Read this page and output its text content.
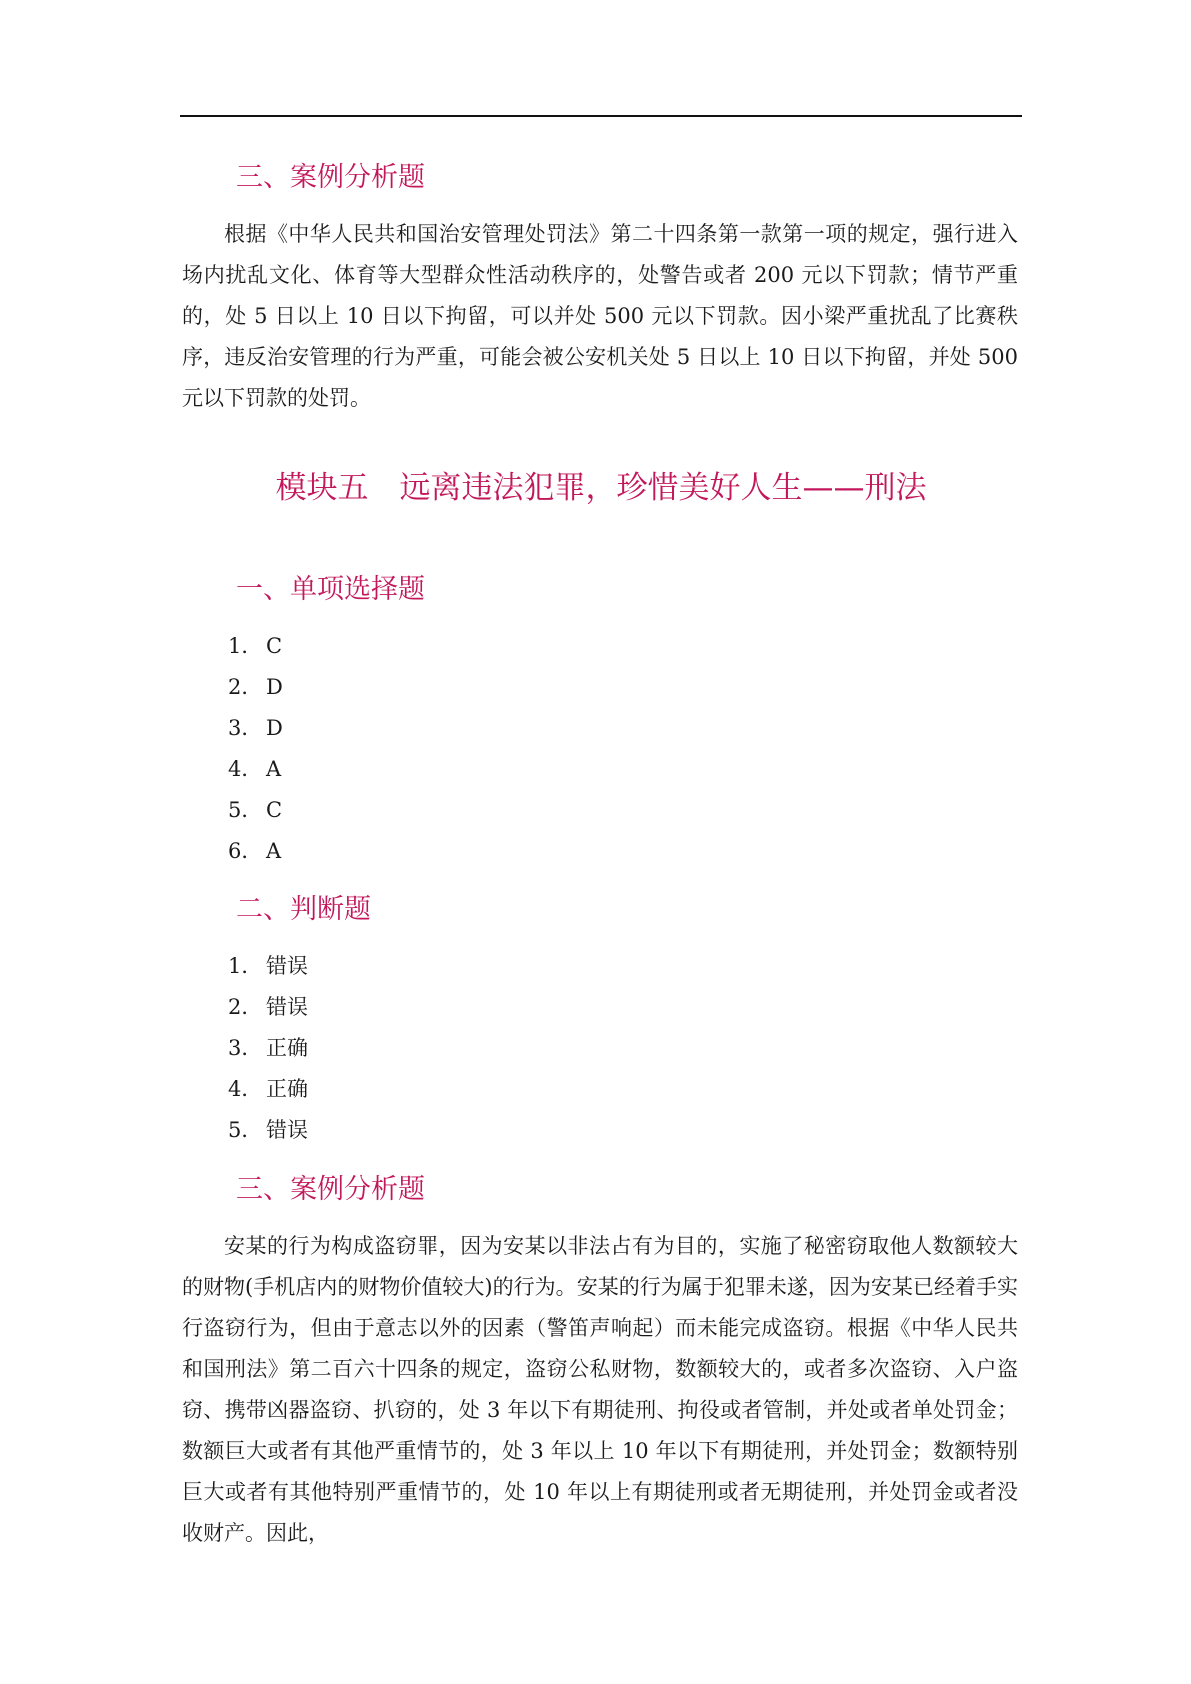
三、案例分析题

根据《中华人民共和国治安管理处罚法》第二十四条第一款第一项的规定，强行进入场内扰乱文化、体育等大型群众性活动秩序的，处警告或者 200 元以下罚款；情节严重的，处 5 日以上 10 日以下拘留，可以并处 500 元以下罚款。因小梁严重扰乱了比赛秩序，违反治安管理的行为严重，可能会被公安机关处 5 日以上 10 日以下拘留，并处 500 元以下罚款的处罚。

模块五　远离违法犯罪，珍惜美好人生——刑法
一、单项选择题
1． C
2． D
3． D
4． A
5． C
6． A
二、判断题
1． 错误
2． 错误
3． 正确
4． 正确
5． 错误
三、案例分析题

安某的行为构成盗窃罪，因为安某以非法占有为目的，实施了秘密窃取他人数额较大的财物(手机店内的财物价值较大)的行为。安某的行为属于犯罪未遂，因为安某已经着手实行盗窃行为，但由于意志以外的因素（警笛声响起）而未能完成盗窃。根据《中华人民共和国刑法》第二百六十四条的规定，盗窃公私财物，数额较大的，或者多次盗窃、入户盗窃、携带凶器盗窃、扒窃的，处 3 年以下有期徒刑、拘役或者管制，并处或者单处罚金；数额巨大或者有其他严重情节的，处 3 年以上 10 年以下有期徒刑，并处罚金；数额特别巨大或者有其他特别严重情节的，处 10 年以上有期徒刑或者无期徒刑，并处罚金或者没收财产。因此，
